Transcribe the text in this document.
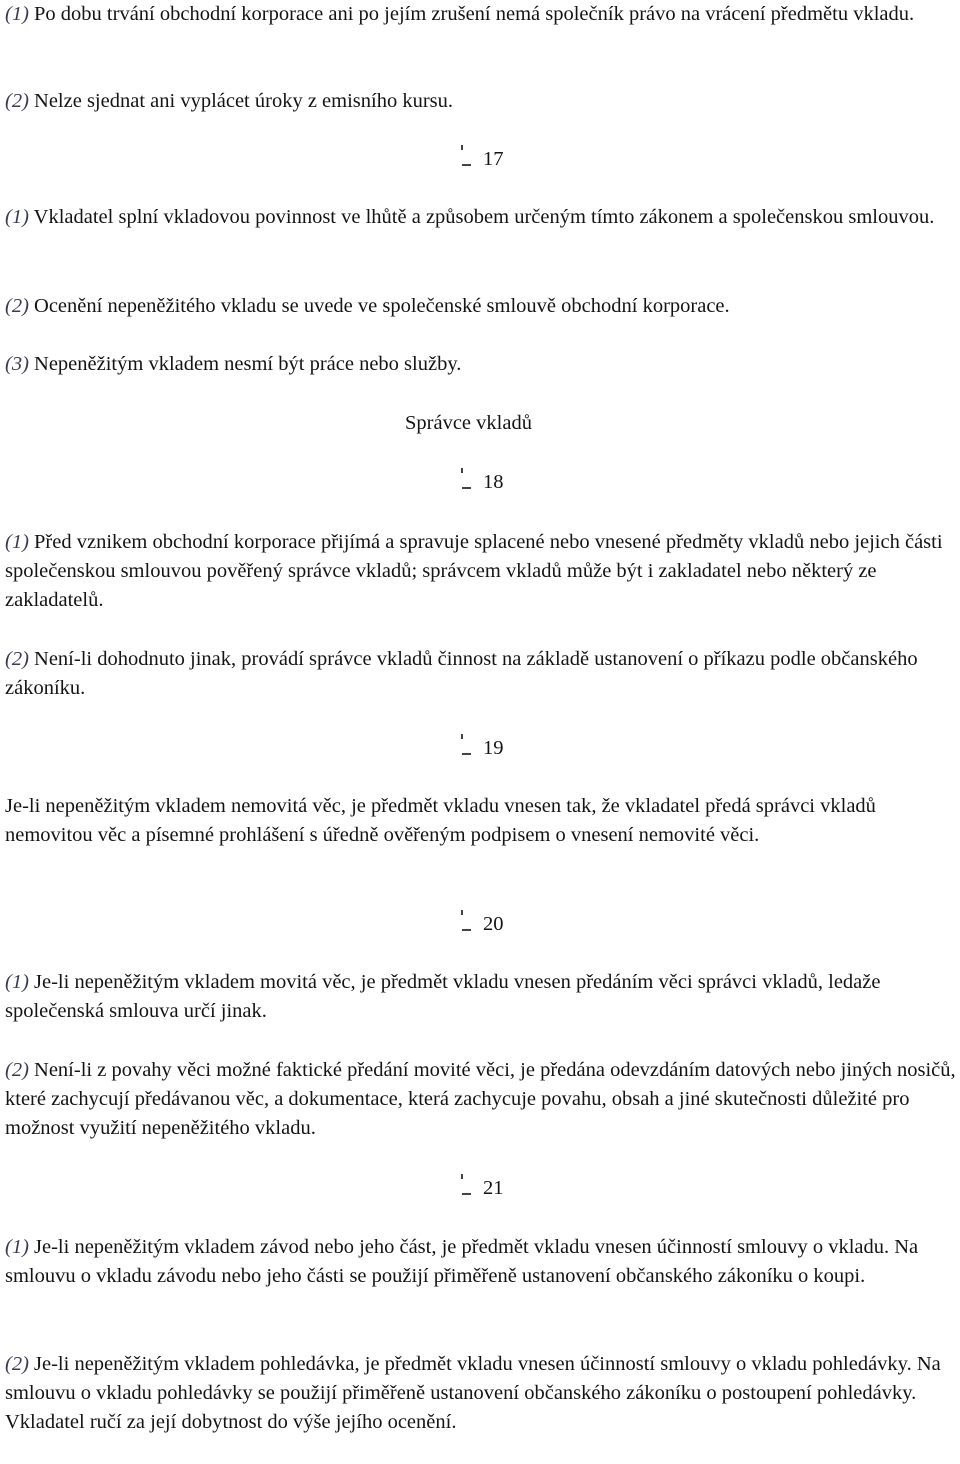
(1) Po dobu trvání obchodní korporace ani po jejím zrušení nemá společník právo na vrácení předmětu vkladu.

(2) Nelze sjednat ani vyplácet úroky z emisního kursu.

17

(1) Vkladatel splní vkladovou povinnost ve lhůtě a způsobem určeným tímto zákonem a společenskou smlouvou.

(2) Ocenění nepeněžitého vkladu se uvede ve společenské smlouvě obchodní korporace.

(3) Nepeněžitým vkladem nesmí být práce nebo služby.

Správce vkladů
18

(1) Před vznikem obchodní korporace přijímá a spravuje splacené nebo vnesené předměty vkladů nebo jejich části společenskou smlouvou pověřený správce vkladů; správcem vkladů může být i zakladatel nebo některý ze zakladatelů.

(2) Není-li dohodnuto jinak, provádí správce vkladů činnost na základě ustanovení o příkazu podle občanského zákoníku.

19

Je-li nepeněžitým vkladem nemovitá věc, je předmět vkladu vnesen tak, že vkladatel předá správci vkladů nemovitou věc a písemné prohlášení s úředně ověřeným podpisem o vnesení nemovité věci.

20

(1) Je-li nepeněžitým vkladem movitá věc, je předmět vkladu vnesen předáním věci správci vkladů, ledaže společenská smlouva určí jinak.

(2) Není-li z povahy věci možné faktické předání movité věci, je předána odevzdáním datových nebo jiných nosičů, které zachycují předávanou věc, a dokumentace, která zachycuje povahu, obsah a jiné skutečnosti důležité pro možnost využití nepeněžitého vkladu.

21

(1) Je-li nepeněžitým vkladem závod nebo jeho část, je předmět vkladu vnesen účinností smlouvy o vkladu. Na smlouvu o vkladu závodu nebo jeho části se použijí přiměřeně ustanovení občanského zákoníku o koupi.

(2) Je-li nepeněžitým vkladem pohledávka, je předmět vkladu vnesen účinností smlouvy o vkladu pohledávky. Na smlouvu o vkladu pohledávky se použijí přiměřeně ustanovení občanského zákoníku o postoupení pohledávky. Vkladatel ručí za její dobytnost do výše jejího ocenění.
